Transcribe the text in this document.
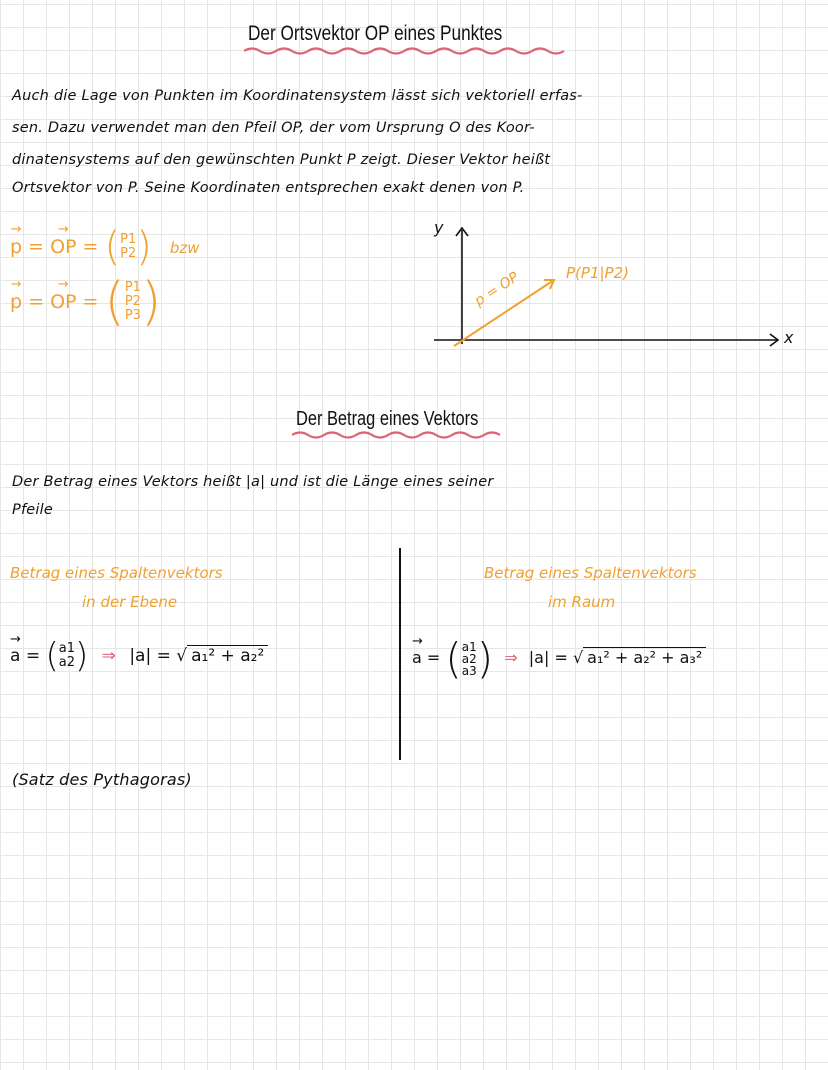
Der Ortsvektor OP eines Punktes
Auch die Lage von Punkten im Koordinatensystem lässt sich vektoriell erfas-
sen. Dazu verwendet man den Pfeil OP, der vom Ursprung O des Koor-
dinatensystems auf den gewünschten Punkt P zeigt. Dieser Vektor heißt
Ortsvektor von P. Seine Koordinaten entsprechen exakt denen von P.
→ p = → OP = ( P1
P2 ) bzw
→ p = → OP = ( P1
P2
P3 )
y
x
p = OP	P(P1|P2)
Der Betrag eines Vektors
Der Betrag eines Vektors heißt |a| und ist die Länge eines seiner
Pfeile
Betrag eines Spaltenvektors
in der Ebene
→ a = ( a1
a2 ) ⇒ |a| = √ a₁² + a₂²
Betrag eines Spaltenvektors
im Raum
→ a = ( a1
a2
a3 ) ⇒ |a| = √ a₁² + a₂² + a₃²
(Satz des Pythagoras)
